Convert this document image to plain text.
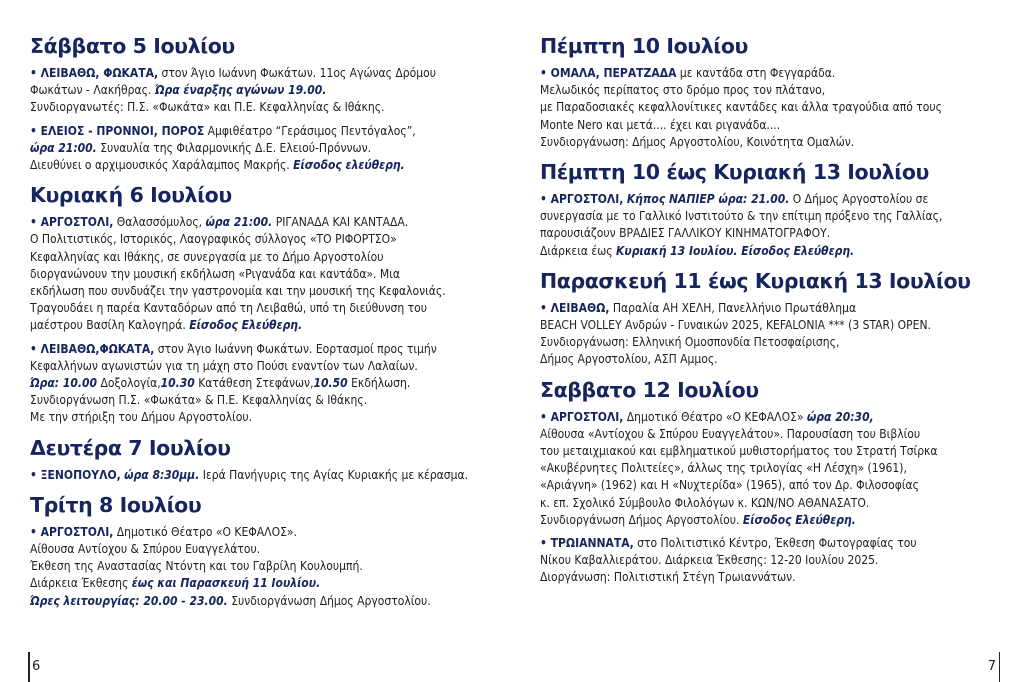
Σάββατο 5 Ιουλίου

• ΛΕΙΒΑΘΩ, ΦΩΚΑΤΑ, στον Άγιο Ιωάννη Φωκάτων. 11ος Αγώνας Δρόμου
Φωκάτων - Λακήθρας. Ώρα έναρξης αγώνων 19.00.
Συνδιοργανωτές: Π.Σ. «Φωκάτα» και Π.Ε. Κεφαλληνίας & Ιθάκης.

• ΕΛΕΙΟΣ - ΠΡΟΝΝΟΙ, ΠΟΡΟΣ Αμφιθέατρο “Γεράσιμος Πεντόγαλος”,
ώρα 21:00. Συναυλία της Φιλαρμονικής Δ.Ε. Ελειού-Πρόννων.
Διευθύνει ο αρχιμουσικός Χαράλαμπος Μακρής. Είσοδος ελεύθερη.

Κυριακή 6 Ιουλίου

• ΑΡΓΟΣΤΟΛΙ, Θαλασσόμυλος, ώρα 21:00. ΡΙΓΑΝΑΔΑ ΚΑΙ ΚΑΝΤΑΔΑ.
Ο Πολιτιστικός, Ιστορικός, Λαογραφικός σύλλογος «ΤΟ ΡΙΦΟΡΤΣΟ»
Κεφαλληνίας και Ιθάκης, σε συνεργασία με το Δήμο Αργοστολίου
διοργανώνουν την μουσική εκδήλωση «Ριγανάδα και καντάδα». Μια
εκδήλωση που συνδυάζει την γαστρονομία και την μουσική της Κεφαλονιάς.
Τραγουδάει η παρέα Κανταδόρων από τη Λειβαθώ, υπό τη διεύθυνση του
μαέστρου Βασίλη Καλογηρά. Είσοδος Ελεύθερη.

• ΛΕΙΒΑΘΩ,ΦΩΚΑΤΑ, στον Άγιο Ιωάννη Φωκάτων. Εορτασμοί προς τιμήν
Κεφαλλήνων αγωνιστών για τη μάχη στο Πούσι εναντίον των Λαλαίων.
Ώρα: 10.00 Δοξολογία,10.30 Κατάθεση Στεφάνων,10.50 Εκδήλωση.
Συνδιοργάνωση Π.Σ. «Φωκάτα» & Π.Ε. Κεφαλληνίας & Ιθάκης.
Με την στήριξη του Δήμου Αργοστολίου.

Δευτέρα 7 Ιουλίου

• ΞΕΝΟΠΟΥΛΟ, ώρα 8:30μμ. Ιερά Πανήγυρις της Αγίας Κυριακής με κέρασμα.

Τρίτη 8 Ιουλίου

• ΑΡΓΟΣΤΟΛΙ, Δημοτικό Θέατρο «Ο ΚΕΦΑΛΟΣ».
Αίθουσα Αντίοχου & Σπύρου Ευαγγελάτου.
Έκθεση της Αναστασίας Ντόντη και του Γαβρίλη Κουλουμπή.
Διάρκεια Έκθεσης έως και Παρασκευή 11 Ιουλίου.
Ώρες λειτουργίας: 20.00 - 23.00. Συνδιοργάνωση Δήμος Αργοστολίου.

6
Πέμπτη 10 Ιουλίου

• ΟΜΑΛΑ, ΠΕΡΑΤΖΑΔΑ με καντάδα στη Φεγγαράδα.
Μελωδικός περίπατος στο δρόμο προς τον πλάτανο,
με Παραδοσιακές κεφαλλονίτικες καντάδες και άλλα τραγούδια από τους
Monte Nero και μετά.... έχει και ριγανάδα....
Συνδιοργάνωση: Δήμος Αργοστολίου, Κοινότητα Ομαλών.

Πέμπτη 10 έως Κυριακή 13 Ιουλίου

• ΑΡΓΟΣΤΟΛΙ, Κήπος ΝΑΠΙΕΡ ώρα: 21.00. Ο Δήμος Αργοστολίου σε
συνεργασία με το Γαλλικό Ινστιτούτο & την επίτιμη πρόξενο της Γαλλίας,
παρουσιάζουν ΒΡΑΔΙΕΣ ΓΑΛΛΙΚΟΥ ΚΙΝΗΜΑΤΟΓΡΑΦΟΥ.
Διάρκεια έως Κυριακή 13 Ιουλίου. Είσοδος Ελεύθερη.

Παρασκευή 11 έως Κυριακή 13 Ιουλίου

• ΛΕΙΒΑΘΩ, Παραλία ΑΗ ΧΕΛΗ, Πανελλήνιο Πρωτάθλημα
BEACH VOLLEY Ανδρών - Γυναικών 2025, KEFALONIA *** (3 STAR) OPEN.
Συνδιοργάνωση: Ελληνική Ομοσπονδία Πετοσφαίρισης,
Δήμος Αργοστολίου, ΑΣΠ Αμμος.

Σαββατο 12 Ιουλίου

• ΑΡΓΟΣΤΟΛΙ, Δημοτικό Θέατρο «Ο ΚΕΦΑΛΟΣ» ώρα 20:30,
Αίθουσα «Αντίοχου & Σπύρου Ευαγγελάτου». Παρουσίαση του Βιβλίου
του μεταιχμιακού και εμβληματικού μυθιστορήματος του Στρατή Τσίρκα
«Ακυβέρνητες Πολιτείες», άλλως της τριλογίας «Η Λέσχη» (1961),
«Αριάγνη» (1962) και Η «Νυχτερίδα» (1965), από τον Δρ. Φιλοσοφίας
κ. επ. Σχολικό Σύμβουλο Φιλολόγων κ. ΚΩΝ/ΝΟ ΑΘΑΝΑΣΑΤΟ.
Συνδιοργάνωση Δήμος Αργοστολίου. Είσοδος Ελεύθερη.

• ΤΡΩΙΑΝΝΑΤΑ, στο Πολιτιστικό Κέντρο, Έκθεση Φωτογραφίας του
Νίκου Καβαλλιεράτου. Διάρκεια Έκθεσης: 12-20 Ιουλίου 2025.
Διοργάνωση: Πολιτιστική Στέγη Τρωιαννάτων.

7
